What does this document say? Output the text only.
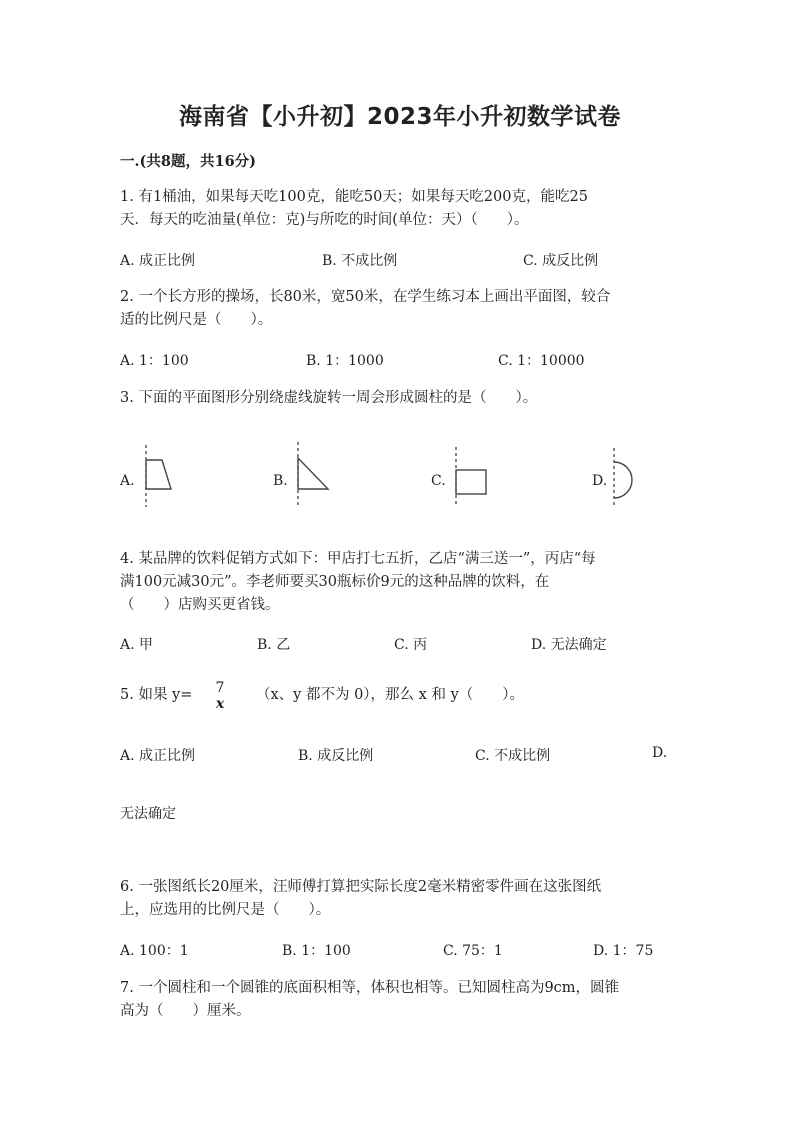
海南省【小升初】2023年小升初数学试卷
一.(共8题，共16分)
1. 有1桶油，如果每天吃100克，能吃50天；如果每天吃200克，能吃25
天．每天的吃油量(单位：克)与所吃的时间(单位：天）（　　）。
A. 成正比例	B. 不成比例	C. 成反比例
2. 一个长方形的操场，长80米，宽50米，在学生练习本上画出平面图，较合
适的比例尺是（　　）。
A. 1：100	B. 1：1000	C. 1：10000
3. 下面的平面图形分别绕虚线旋转一周会形成圆柱的是（　　）。
A.	B.	C.	D.
4. 某品牌的饮料促销方式如下：甲店打七五折，乙店“满三送一”，丙店“每
满100元减30元”。李老师要买30瓶标价9元的这种品牌的饮料，在
（　　）店购买更省钱。
A. 甲	B. 乙	C. 丙	D. 无法确定
5. 如果 y=	7
x
（x、y 都不为 0），那么 x 和 y（　　）。
A. 成正比例	B. 成反比例	C. 不成比例	D.
无法确定
6. 一张图纸长20厘米，汪师傅打算把实际长度2毫米精密零件画在这张图纸
上，应选用的比例尺是（　　）。
A. 100：1	B. 1：100	C. 75：1	D. 1：75
7. 一个圆柱和一个圆锥的底面积相等，体积也相等。已知圆柱高为9cm，圆锥
高为（　　）厘米。
